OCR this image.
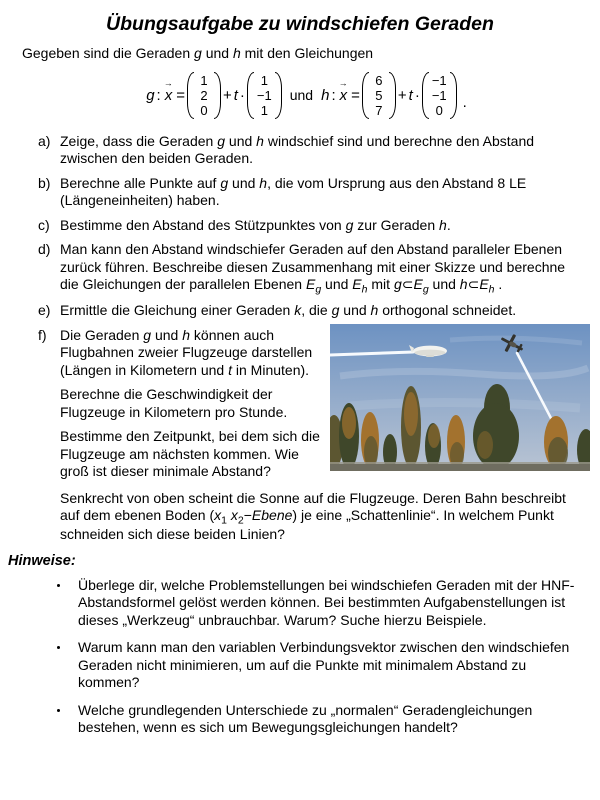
Übungsaufgabe zu windschiefen Geraden

Gegeben sind die Geraden g und h mit den Gleichungen

g : x → =
1
2
0
+ t ·
1
−1
1
und h : x → =
6
5
7
+ t ·
−1
−1
0 .
a) Zeige, dass die Geraden g und h windschief sind und berechne den Abstand zwischen den beiden Geraden.
b) Berechne alle Punkte auf g und h, die vom Ursprung aus den Abstand 8 LE (Längeneinheiten) haben.
c) Bestimme den Abstand des Stützpunktes von g zur Geraden h.
d) Man kann den Abstand windschiefer Geraden auf den Abstand paralleler Ebenen zurück führen. Beschreibe diesen Zusammenhang mit einer Skizze und berechne die Gleichungen der parallelen Ebenen $E_g$ und $E_h$ mit $g\subset E_g$ und $h\subset E_h$ .
e) Ermittle die Gleichung einer Geraden k, die g und h orthogonal schneidet.
f) Die Geraden g und h können auch Flugbahnen zweier Flugzeuge darstellen (Längen in Kilometern und t in Minuten).

Berechne die Geschwindigkeit der Flugzeuge in Kilometern pro Stunde.

Bestimme den Zeitpunkt, bei dem sich die Flugzeuge am nächsten kommen. Wie groß ist dieser minimale Abstand?

Senkrecht von oben scheint die Sonne auf die Flugzeuge. Deren Bahn beschreibt auf dem ebenen Boden ($x_1$ $x_2-Ebene$) je eine „Schattenlinie“. In welchem Punkt schneiden sich diese beiden Linien?

Hinweise:
Überlege dir, welche Problemstellungen bei windschiefen Geraden mit der HNF-Abstandsformel gelöst werden können. Bei bestimmten Aufgabenstellungen ist dieses „Werkzeug“ unbrauchbar. Warum? Suche hierzu Beispiele.
Warum kann man den variablen Verbindungsvektor zwischen den windschiefen Geraden nicht minimieren, um auf die Punkte mit minimalem Abstand zu kommen?
Welche grundlegenden Unterschiede zu „normalen“ Geradengleichungen bestehen, wenn es sich um Bewegungsgleichungen handelt?
